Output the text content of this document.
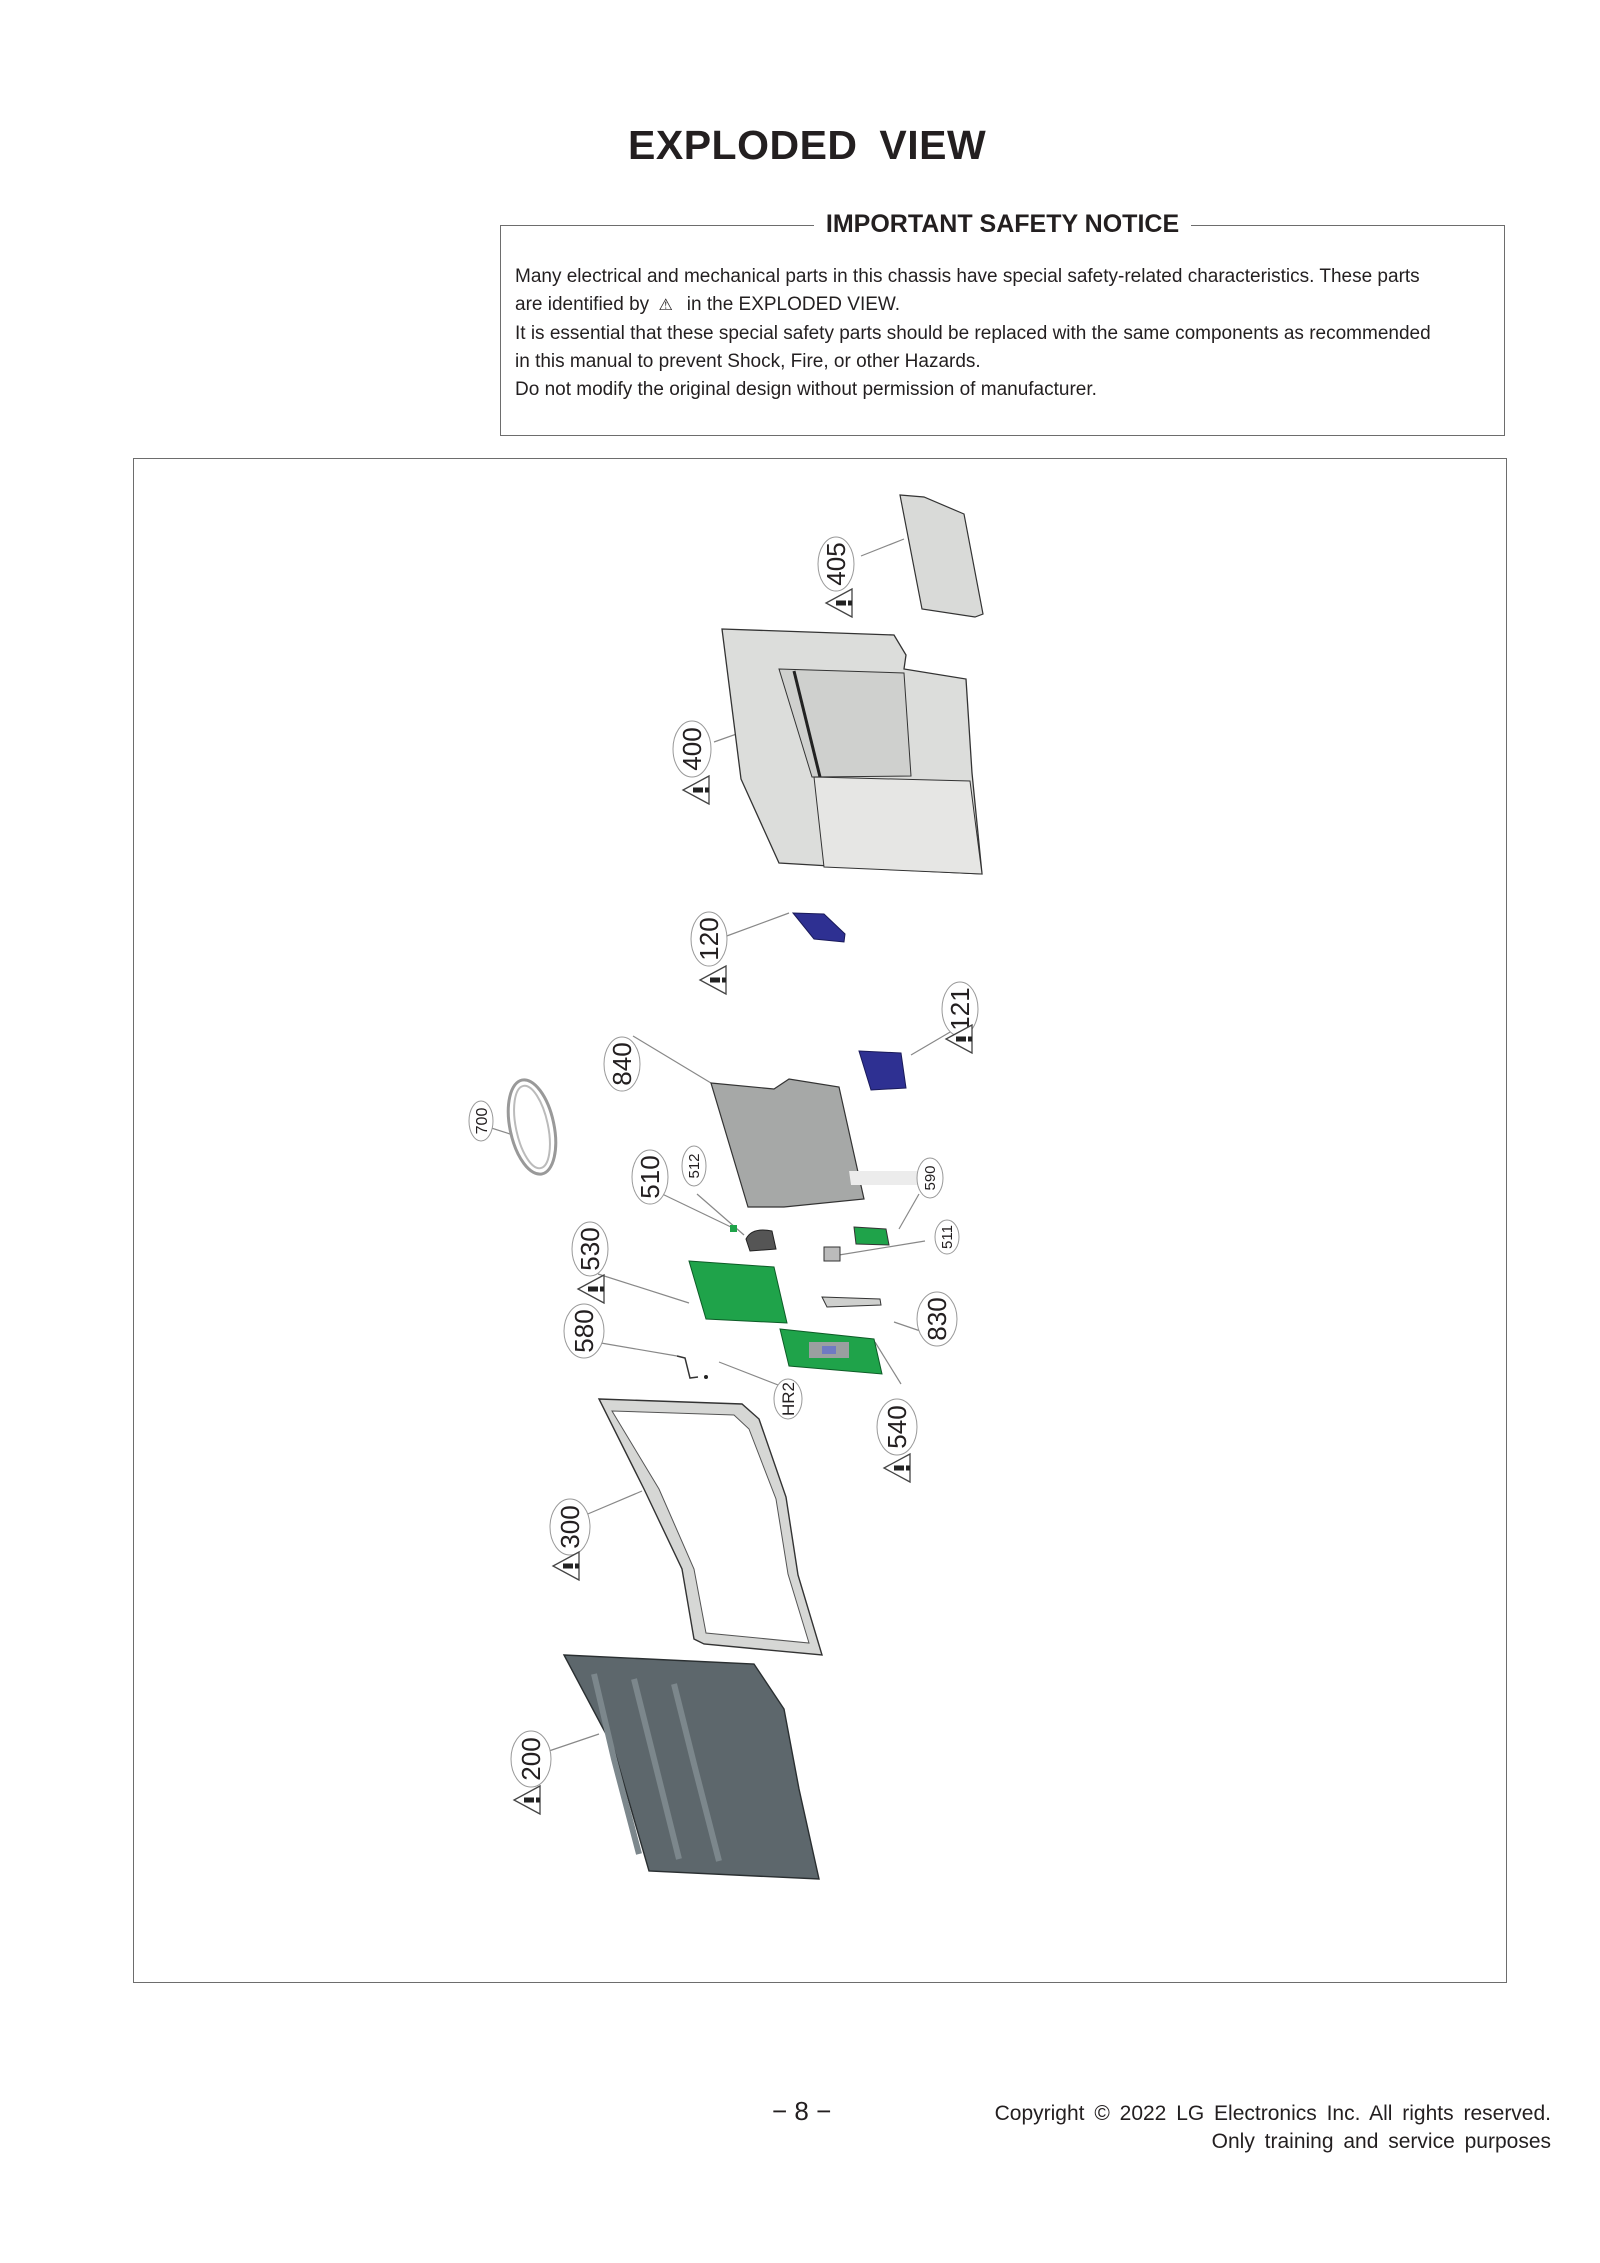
EXPLODED VIEW
IMPORTANT SAFETY NOTICE

Many electrical and mechanical parts in this chassis have special safety-related characteristics. These parts

are identified by ⚠ in the EXPLODED VIEW.

It is essential that these special safety parts should be replaced with the same components as recommended

in this manual to prevent Shock, Fire, or other Hazards.

Do not modify the original design without permission of manufacturer.

405
400
120
121
840
700
510 512	590
511
530
830
580
HR2
540
300
200
− 8 −	Copyright © 2022 LG Electronics Inc. All rights reserved.
Only training and service purposes
